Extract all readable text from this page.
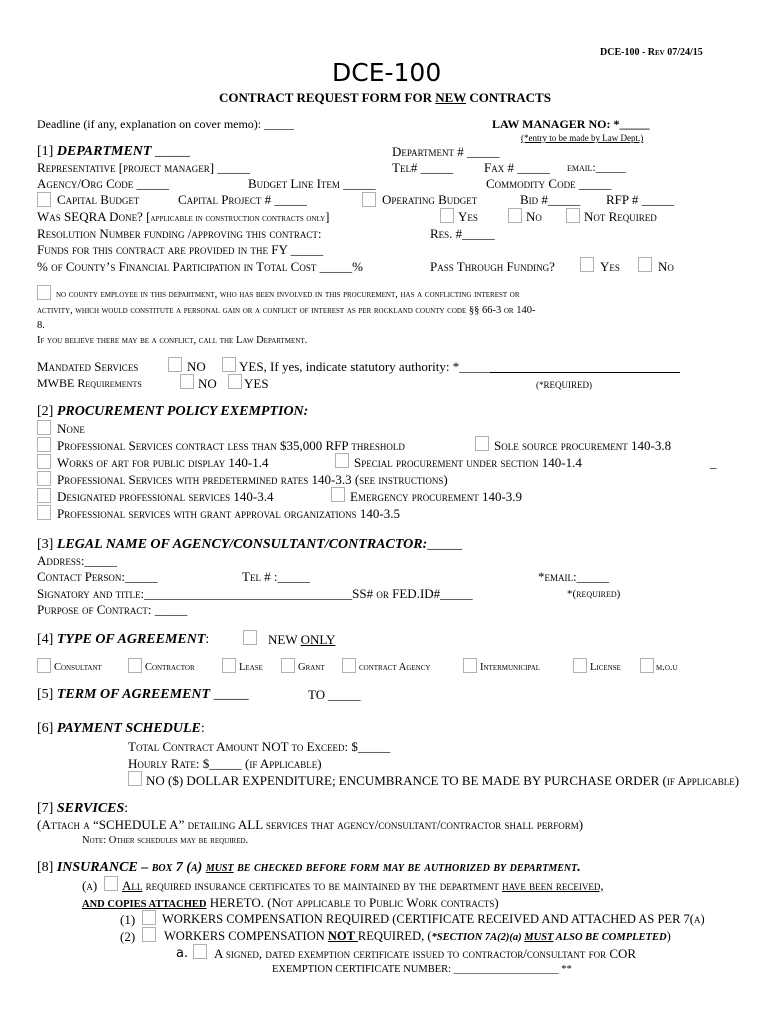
DCE-100 - Rev 07/24/15
DCE-100
CONTRACT REQUEST FORM FOR NEW CONTRACTS
Deadline (if any, explanation on cover memo): _____	LAW MANAGER NO: *_____
(*entry to be made by Law Dept.)
[1] DEPARTMENT _____	Department # _____
Representative [project manager] _____	Tel# _____ Fax # _____ email:_____
Agency/Org Code _____	Budget Line Item _____	Commodity Code _____
Capital Budget	Capital Project # _____	Operating Budget	Bid #_____ RFP # _____
Was SEQRA Done? [applicable in construction contracts only]	Yes	No	Not Required
Resolution Number funding /approving this contract:	Res. #_____
Funds for this contract are provided in the FY _____
% of County’s Financial Participation in Total Cost _____%	Pass Through Funding?	Yes	No
no county employee in this department, who has been involved in this procurement, has a conflicting interest or
activity, which would constitute a personal gain or a conflict of interest as per rockland county code §§ 66-3 or 140-
8.
If you believe there may be a conflict, call the Law Department.
Mandated Services	NO	YES, If yes, indicate statutory authority: *_____
MWBE Requirements	NO YES	(*REQUIRED)
[2] PROCUREMENT POLICY EXEMPTION:
None
Professional Services contract less than $35,000 RFP threshold	Sole source procurement 140-3.8
Works of art for public display 140-1.4	Special procurement under section 140-1.4	_
Professional Services with predetermined rates 140-3.3 (see instructions)
Designated professional services 140-3.4	Emergency procurement 140-3.9
Professional services with grant approval organizations 140-3.5
[3] LEGAL NAME OF AGENCY/CONSULTANT/CONTRACTOR:_____
Address:_____
Contact Person:_____	Tel # :_____	*email:_____
Signatory and title:________________________________SS# or FED.ID#_____	*(required)
Purpose of Contract: _____
[4] TYPE OF AGREEMENT:	NEW ONLY
Consultant	Contractor	Lease	Grant	contract Agency	Intermunicipal	License	m.o.u
[5] TERM OF AGREEMENT _____	TO _____
[6] PAYMENT SCHEDULE:
Total Contract Amount NOT to Exceed: $_____
Hourly Rate: $_____ (if Applicable)
NO ($) DOLLAR EXPENDITURE; ENCUMBRANCE TO BE MADE BY PURCHASE ORDER (if Applicable)
[7] SERVICES:
(Attach a “SCHEDULE A” detailing ALL services that agency/consultant/contractor shall perform)
Note: Other schedules may be required.
[8] INSURANCE – box 7 (a) must be checked before form may be authorized by department.
(a) All required insurance certificates to be maintained by the department have been received,
AND COPIES ATTACHED HERETO. (Not applicable to Public Work contracts)
(1) WORKERS COMPENSATION REQUIRED (CERTIFICATE RECEIVED AND ATTACHED AS PER 7(a)
(2) WORKERS COMPENSATION NOT REQUIRED, (*SECTION 7A(2)(a) MUST ALSO BE COMPLETED)
a. A signed, dated exemption certificate issued to contractor/consultant for COR
EXEMPTION CERTIFICATE NUMBER: ____________________ **
